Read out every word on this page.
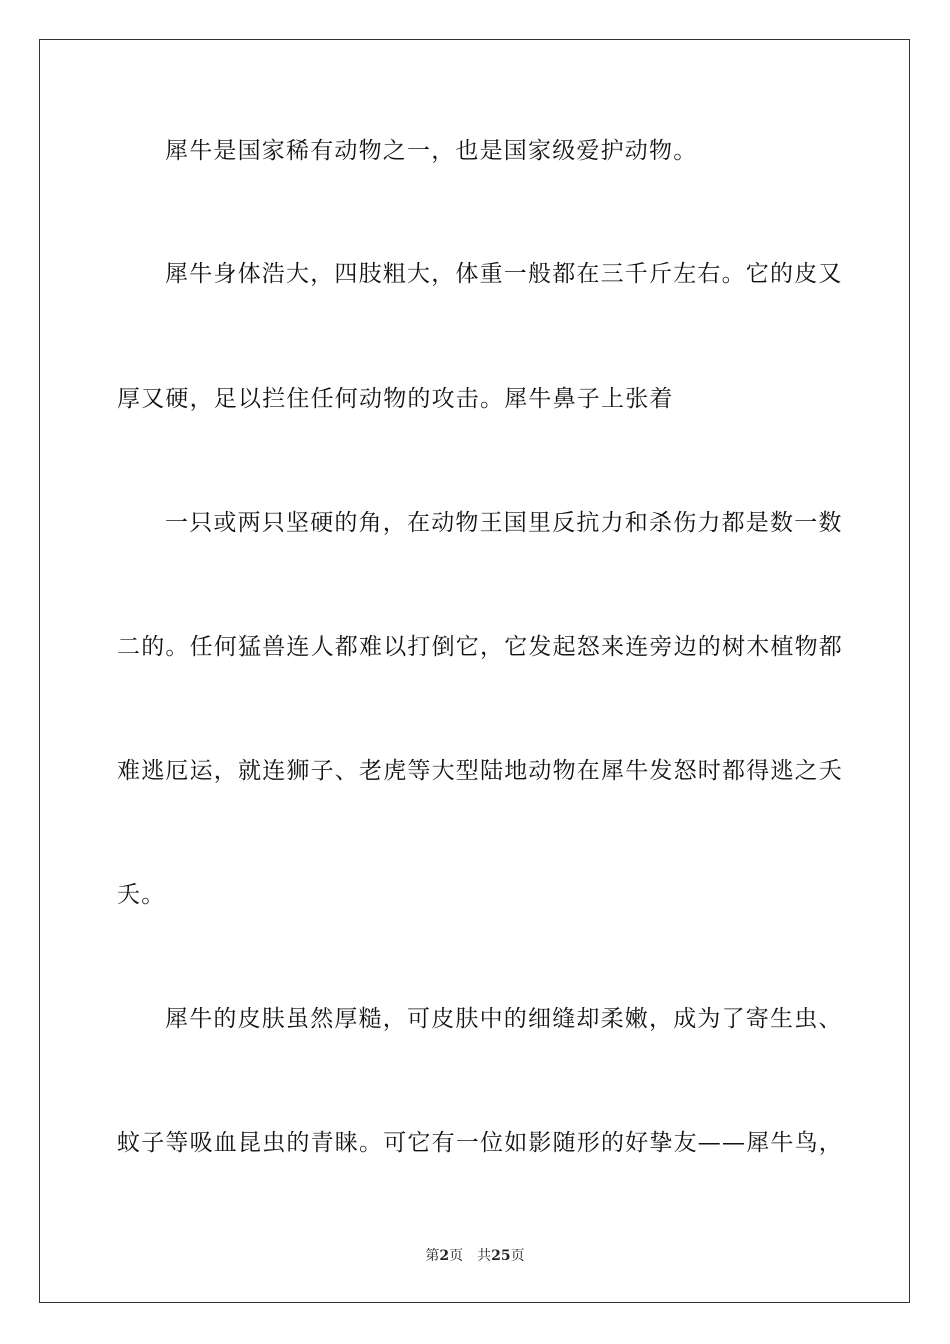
犀牛是国家稀有动物之一，也是国家级爱护动物。
犀牛身体浩大，四肢粗大，体重一般都在三千斤左右。它的皮又
厚又硬，足以拦住任何动物的攻击。犀牛鼻子上张着
一只或两只坚硬的角，在动物王国里反抗力和杀伤力都是数一数
二的。任何猛兽连人都难以打倒它，它发起怒来连旁边的树木植物都
难逃厄运，就连狮子、老虎等大型陆地动物在犀牛发怒时都得逃之夭
夭。
犀牛的皮肤虽然厚糙，可皮肤中的细缝却柔嫩，成为了寄生虫、
蚊子等吸血昆虫的青睐。可它有一位如影随形的好挚友——犀牛鸟，
第2页　共25页
